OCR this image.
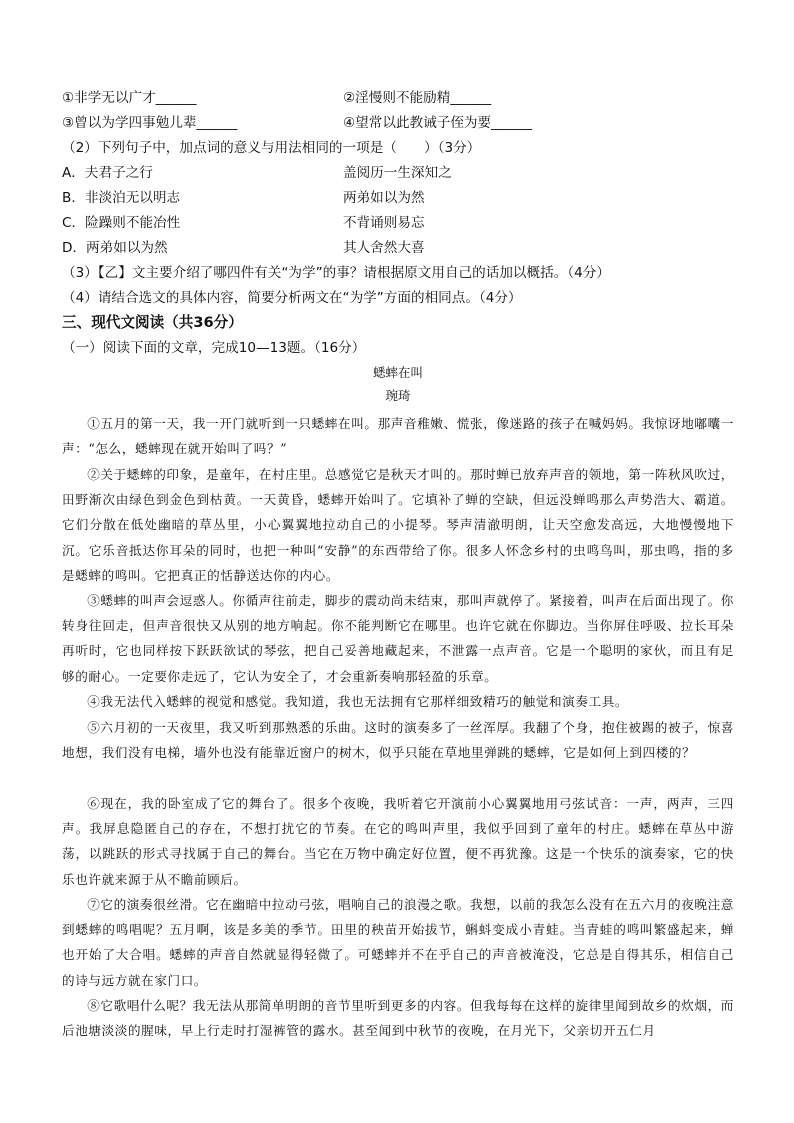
①非学无以广才______	②淫慢则不能励精______
③曾以为学四事勉儿辈______	④望常以此教诫子侄为要______
（2）下列句子中，加点词的意义与用法相同的一项是（　　）（3分）
A．夫君子之行	盖阅历一生深知之
B．非淡泊无以明志	两弟如以为然
C．险躁则不能冶性	不背诵则易忘
D．两弟如以为然	其人舍然大喜
（3）【乙】文主要介绍了哪四件有关“为学”的事？请根据原文用自己的话加以概括。（4分）
（4）请结合选文的具体内容，简要分析两文在“为学”方面的相同点。（4分）
三、现代文阅读（共36分）
（一）阅读下面的文章，完成10—13题。（16分）
蟋蟀在叫
琬琦

①五月的第一天，我一开门就听到一只蟋蟀在叫。那声音稚嫩、慌张，像迷路的孩子在喊妈妈。我惊讶地嘟囔一声：“怎么，蟋蟀现在就开始叫了吗？”

②关于蟋蟀的印象，是童年，在村庄里。总感觉它是秋天才叫的。那时蝉已放弃声音的领地，第一阵秋风吹过，田野渐次由绿色到金色到枯黄。一天黄昏，蟋蟀开始叫了。它填补了蝉的空缺，但远没蝉鸣那么声势浩大、霸道。它们分散在低处幽暗的草丛里，小心翼翼地拉动自己的小提琴。琴声清澈明朗，让天空愈发高远，大地慢慢地下沉。它乐音抵达你耳朵的同时，也把一种叫“安静”的东西带给了你。很多人怀念乡村的虫鸣鸟叫，那虫鸣，指的多是蟋蟀的鸣叫。它把真正的恬静送达你的内心。

③蟋蟀的叫声会逗惑人。你循声往前走，脚步的震动尚未结束，那叫声就停了。紧接着，叫声在后面出现了。你转身往回走，但声音很快又从别的地方响起。你不能判断它在哪里。也许它就在你脚边。当你屏住呼吸、拉长耳朵再听时，它也同样按下跃跃欲试的琴弦，把自己妥善地藏起来，不泄露一点声音。它是一个聪明的家伙，而且有足够的耐心。一定要你走远了，它认为安全了，才会重新奏响那轻盈的乐章。

④我无法代入蟋蟀的视觉和感觉。我知道，我也无法拥有它那样细致精巧的触觉和演奏工具。

⑤六月初的一天夜里，我又听到那熟悉的乐曲。这时的演奏多了一丝浑厚。我翻了个身，抱住被踢的被子，惊喜地想，我们没有电梯，墙外也没有能靠近窗户的树木，似乎只能在草地里弹跳的蟋蟀，它是如何上到四楼的？

⑥现在，我的卧室成了它的舞台了。很多个夜晚，我听着它开演前小心翼翼地用弓弦试音：一声，两声，三四声。我屏息隐匿自己的存在，不想打扰它的节奏。在它的鸣叫声里，我似乎回到了童年的村庄。蟋蟀在草丛中游荡，以跳跃的形式寻找属于自己的舞台。当它在万物中确定好位置，便不再犹豫。这是一个快乐的演奏家，它的快乐也许就来源于从不瞻前顾后。

⑦它的演奏很丝滑。它在幽暗中拉动弓弦，唱响自己的浪漫之歌。我想，以前的我怎么没有在五六月的夜晚注意到蟋蟀的鸣唱呢？五月啊，该是多美的季节。田里的秧苗开始拔节，蝌蚪变成小青蛙。当青蛙的鸣叫繁盛起来，蝉也开始了大合唱。蟋蟀的声音自然就显得轻微了。可蟋蟀并不在乎自己的声音被淹没，它总是自得其乐，相信自己的诗与远方就在家门口。

⑧它歌唱什么呢？我无法从那简单明朗的音节里听到更多的内容。但我每每在这样的旋律里闻到故乡的炊烟，而后池塘淡淡的腥味，早上行走时打湿裤管的露水。甚至闻到中秋节的夜晚，在月光下，父亲切开五仁月
